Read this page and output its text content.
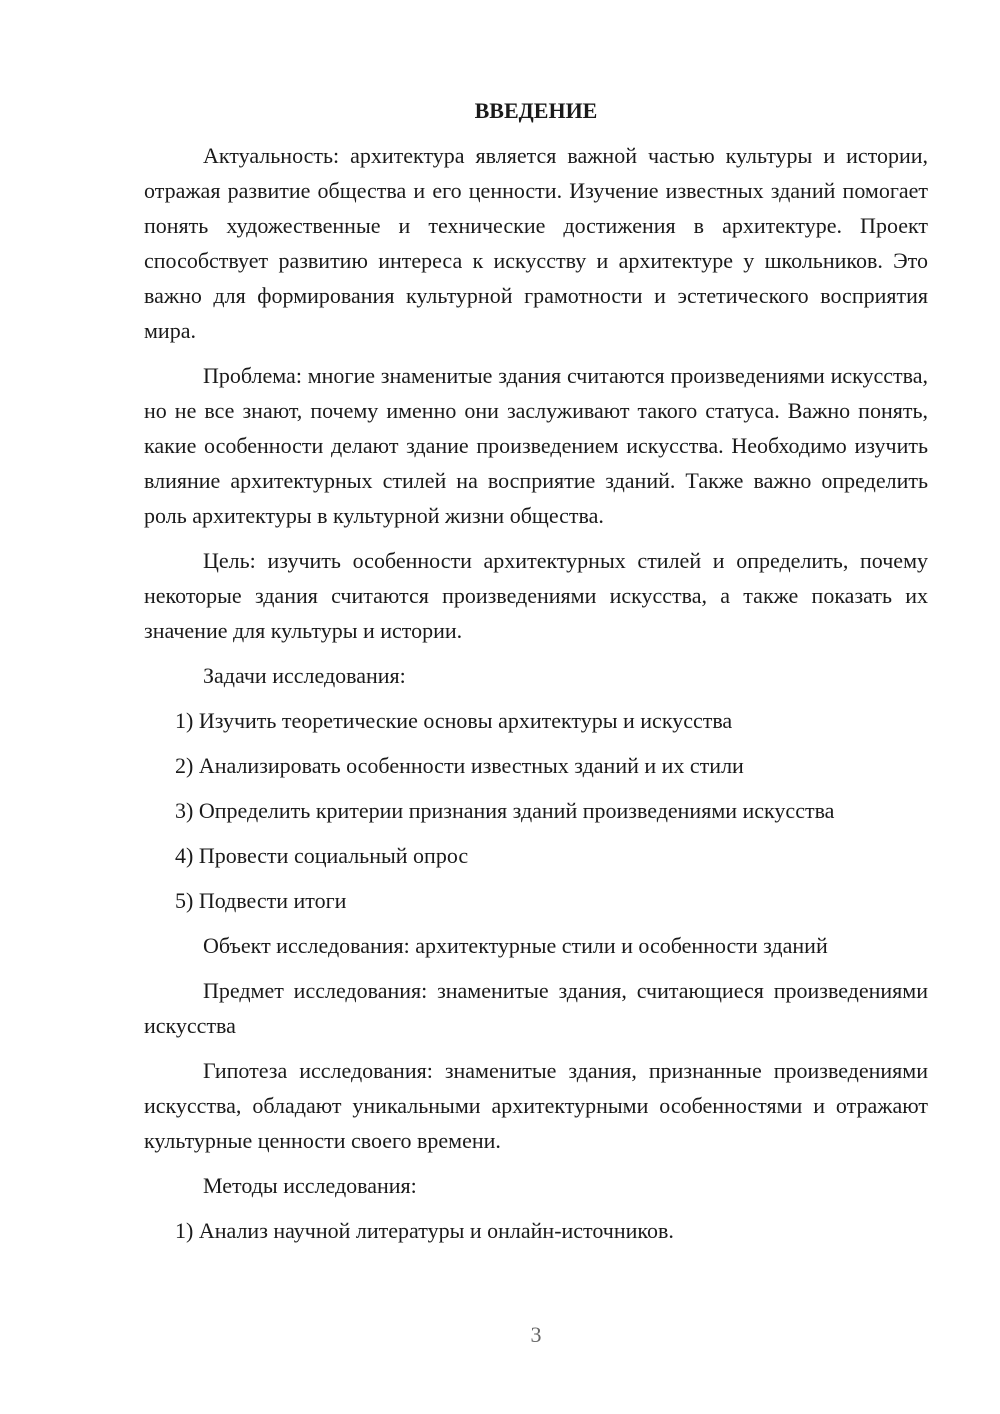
ВВЕДЕНИЕ

Актуальность: архитектура является важной частью культуры и истории, отражая развитие общества и его ценности. Изучение известных зданий помогает понять художественные и технические достижения в архитектуре. Проект способствует развитию интереса к искусству и архитектуре у школьников. Это важно для формирования культурной грамотности и эстетического восприятия мира.

Проблема: многие знаменитые здания считаются произведениями искусства, но не все знают, почему именно они заслуживают такого статуса. Важно понять, какие особенности делают здание произведением искусства. Необходимо изучить влияние архитектурных стилей на восприятие зданий. Также важно определить роль архитектуры в культурной жизни общества.

Цель: изучить особенности архитектурных стилей и определить, почему некоторые здания считаются произведениями искусства, а также показать их значение для культуры и истории.

Задачи исследования:
1) Изучить теоретические основы архитектуры и искусства
2) Анализировать особенности известных зданий и их стили
3) Определить критерии признания зданий произведениями искусства
4) Провести социальный опрос
5) Подвести итоги
Объект исследования: архитектурные стили и особенности зданий

Предмет исследования: знаменитые здания, считающиеся произведениями искусства

Гипотеза исследования: знаменитые здания, признанные произведениями искусства, обладают уникальными архитектурными особенностями и отражают культурные ценности своего времени.

Методы исследования:
1) Анализ научной литературы и онлайн-источников.
3
